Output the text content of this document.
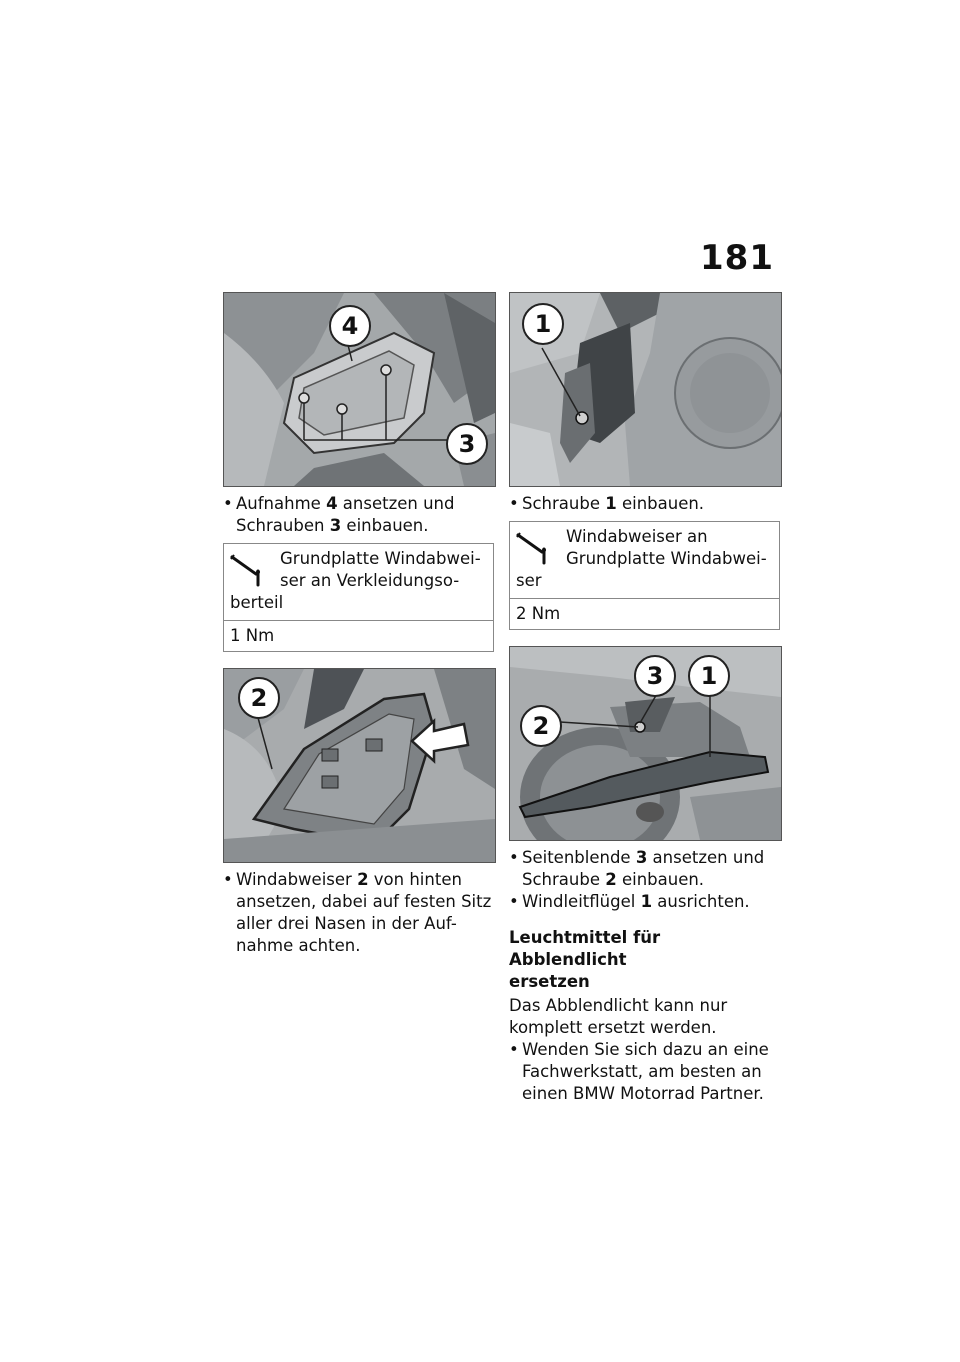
181
4
3
• Aufnahme 4 ansetzen und
Schrauben 3 einbauen.
Grundplatte Windabwei-
ser an Verkleidungso-
berteil
1 Nm
2
• Windabweiser 2 von hinten
ansetzen, dabei auf festen Sitz
aller drei Nasen in der Auf-
nahme achten.
1
• Schraube 1 einbauen.
Windabweiser an
Grundplatte Windabwei-
ser
2 Nm
3	1
2
• Seitenblende 3 ansetzen und
Schraube 2 einbauen.
• Windleitflügel 1 ausrichten.
Leuchtmittel für Abblendlicht
ersetzen
Das Abblendlicht kann nur
komplett ersetzt werden.
• Wenden Sie sich dazu an eine
Fachwerkstatt, am besten an
einen BMW Motorrad Partner.
